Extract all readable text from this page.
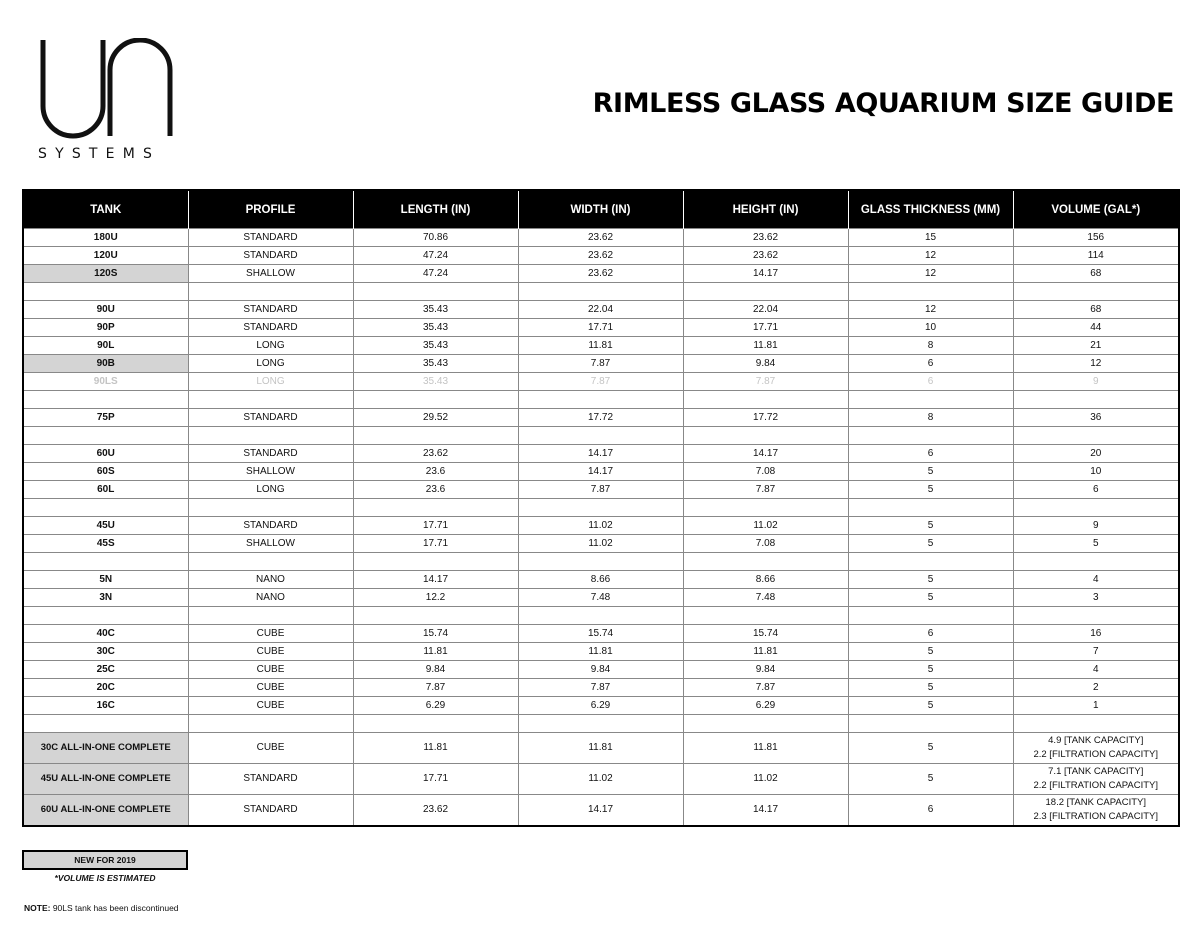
SYSTEMS
RIMLESS GLASS AQUARIUM SIZE GUIDE
TANK	PROFILE	LENGTH (IN)	WIDTH (IN)	HEIGHT (IN)	GLASS THICKNESS (MM)	VOLUME (GAL*)
180U	STANDARD	70.86	23.62	23.62	15	156
120U	STANDARD	47.24	23.62	23.62	12	114
120S	SHALLOW	47.24	23.62	14.17	12	68

90U	STANDARD	35.43	22.04	22.04	12	68
90P	STANDARD	35.43	17.71	17.71	10	44
90L	LONG	35.43	11.81	11.81	8	21
90B	LONG	35.43	7.87	9.84	6	12
90LS	LONG	35.43	7.87	7.87	6	9

75P	STANDARD	29.52	17.72	17.72	8	36

60U	STANDARD	23.62	14.17	14.17	6	20
60S	SHALLOW	23.6	14.17	7.08	5	10
60L	LONG	23.6	7.87	7.87	5	6

45U	STANDARD	17.71	11.02	11.02	5	9
45S	SHALLOW	17.71	11.02	7.08	5	5

5N	NANO	14.17	8.66	8.66	5	4
3N	NANO	12.2	7.48	7.48	5	3

40C	CUBE	15.74	15.74	15.74	6	16
30C	CUBE	11.81	11.81	11.81	5	7
25C	CUBE	9.84	9.84	9.84	5	4
20C	CUBE	7.87	7.87	7.87	5	2
16C	CUBE	6.29	6.29	6.29	5	1

30C ALL-IN-ONE COMPLETE	CUBE	11.81	11.81	11.81	5	4.9 [TANK CAPACITY]
2.2 [FILTRATION CAPACITY]

45U ALL-IN-ONE COMPLETE	STANDARD	17.71	11.02	11.02	5	7.1 [TANK CAPACITY]
2.2 [FILTRATION CAPACITY]

60U ALL-IN-ONE COMPLETE	STANDARD	23.62	14.17	14.17	6	18.2 [TANK CAPACITY]
2.3 [FILTRATION CAPACITY]
NEW FOR 2019
*VOLUME IS ESTIMATED
NOTE: 90LS tank has been discontinued
